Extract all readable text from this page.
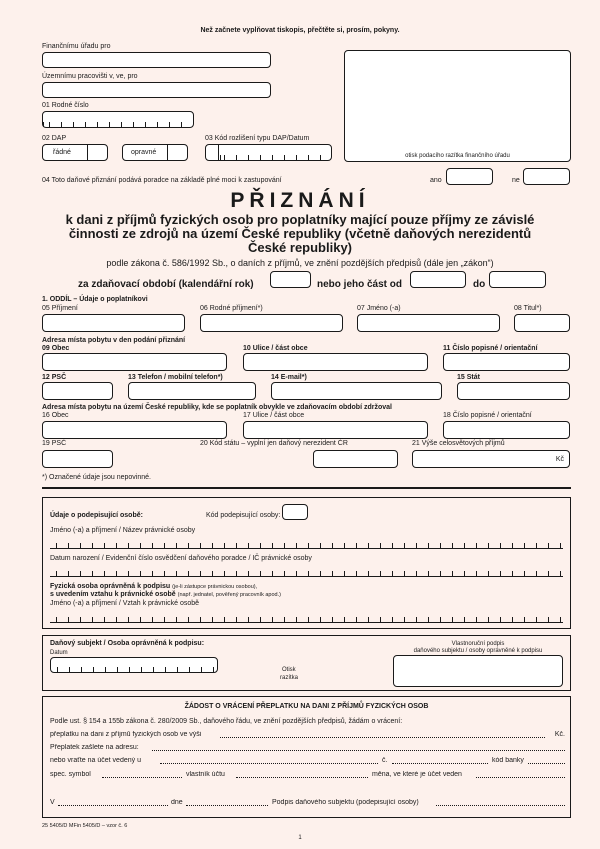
Než začnete vyplňovat tiskopis, přečtěte si, prosím, pokyny.
Finančnímu úřadu pro
Územnímu pracovišti v, ve, pro
01 Rodné číslo
02 DAP
řádné	opravné
03 Kód rozlišení typu DAP/Datum
otisk podacího razítka finančního úřadu
04 Toto daňové přiznání podává poradce na základě plné moci k zastupování	ano	ne
PŘIZNÁNÍ
k dani z příjmů fyzických osob pro poplatníky mající pouze příjmy ze závislé
činnosti ze zdrojů na území České republiky (včetně daňových nerezidentů
České republiky)
podle zákona č. 586/1992 Sb., o daních z příjmů, ve znění pozdějších předpisů (dále jen „zákon“)
za zdaňovací období (kalendářní rok)	nebo jeho část od	do
1. ODDÍL – Údaje o poplatníkovi
05 Příjmení	06 Rodné příjmení*)	07 Jméno (-a)	08 Titul*)
Adresa místa pobytu v den podání přiznání
09 Obec	10 Ulice / část obce	11 Číslo popisné / orientační
12 PSČ	13 Telefon / mobilní telefon*)	14 E-mail*)	15 Stát
Adresa místa pobytu na území České republiky, kde se poplatník obvykle ve zdaňovacím období zdržoval
16 Obec	17 Ulice / část obce	18 Číslo popisné / orientační
19 PSČ	20 Kód státu – vyplní jen daňový nerezident ČR	21 Výše celosvětových příjmů
Kč
*) Označené údaje jsou nepovinné.
Údaje o podepisující osobě:	Kód podepisující osoby:
Jméno (-a) a příjmení / Název právnické osoby
Datum narození / Evidenční číslo osvědčení daňového poradce / IČ právnické osoby
Fyzická osoba oprávněná k podpisu (je-li zástupce právnickou osobou),
s uvedením vztahu k právnické osobě (např. jednatel, pověřený pracovník apod.)
Jméno (-a) a příjmení / Vztah k právnické osobě
Daňový subjekt / Osoba oprávněná k podpisu:
Datum
Otisk
razítka
Vlastnoruční podpis
daňového subjektu / osoby oprávněné k podpisu
ŽÁDOST O VRÁCENÍ PŘEPLATKU NA DANI Z PŘÍJMŮ FYZICKÝCH OSOB
Podle ust. § 154 a 155b zákona č. 280/2009 Sb., daňového řádu, ve znění pozdějších předpisů, žádám o vrácení:
přeplatku na dani z příjmů fyzických osob ve výši	Kč.
Přeplatek zašlete na adresu:
nebo vraťte na účet vedený u	č.	kód banky
spec. symbol	vlastník účtu	měna, ve které je účet veden
V	dne	Podpis daňového subjektu (podepisující osoby)
25 5405/D MFin 5405/D – vzor č. 6
1
